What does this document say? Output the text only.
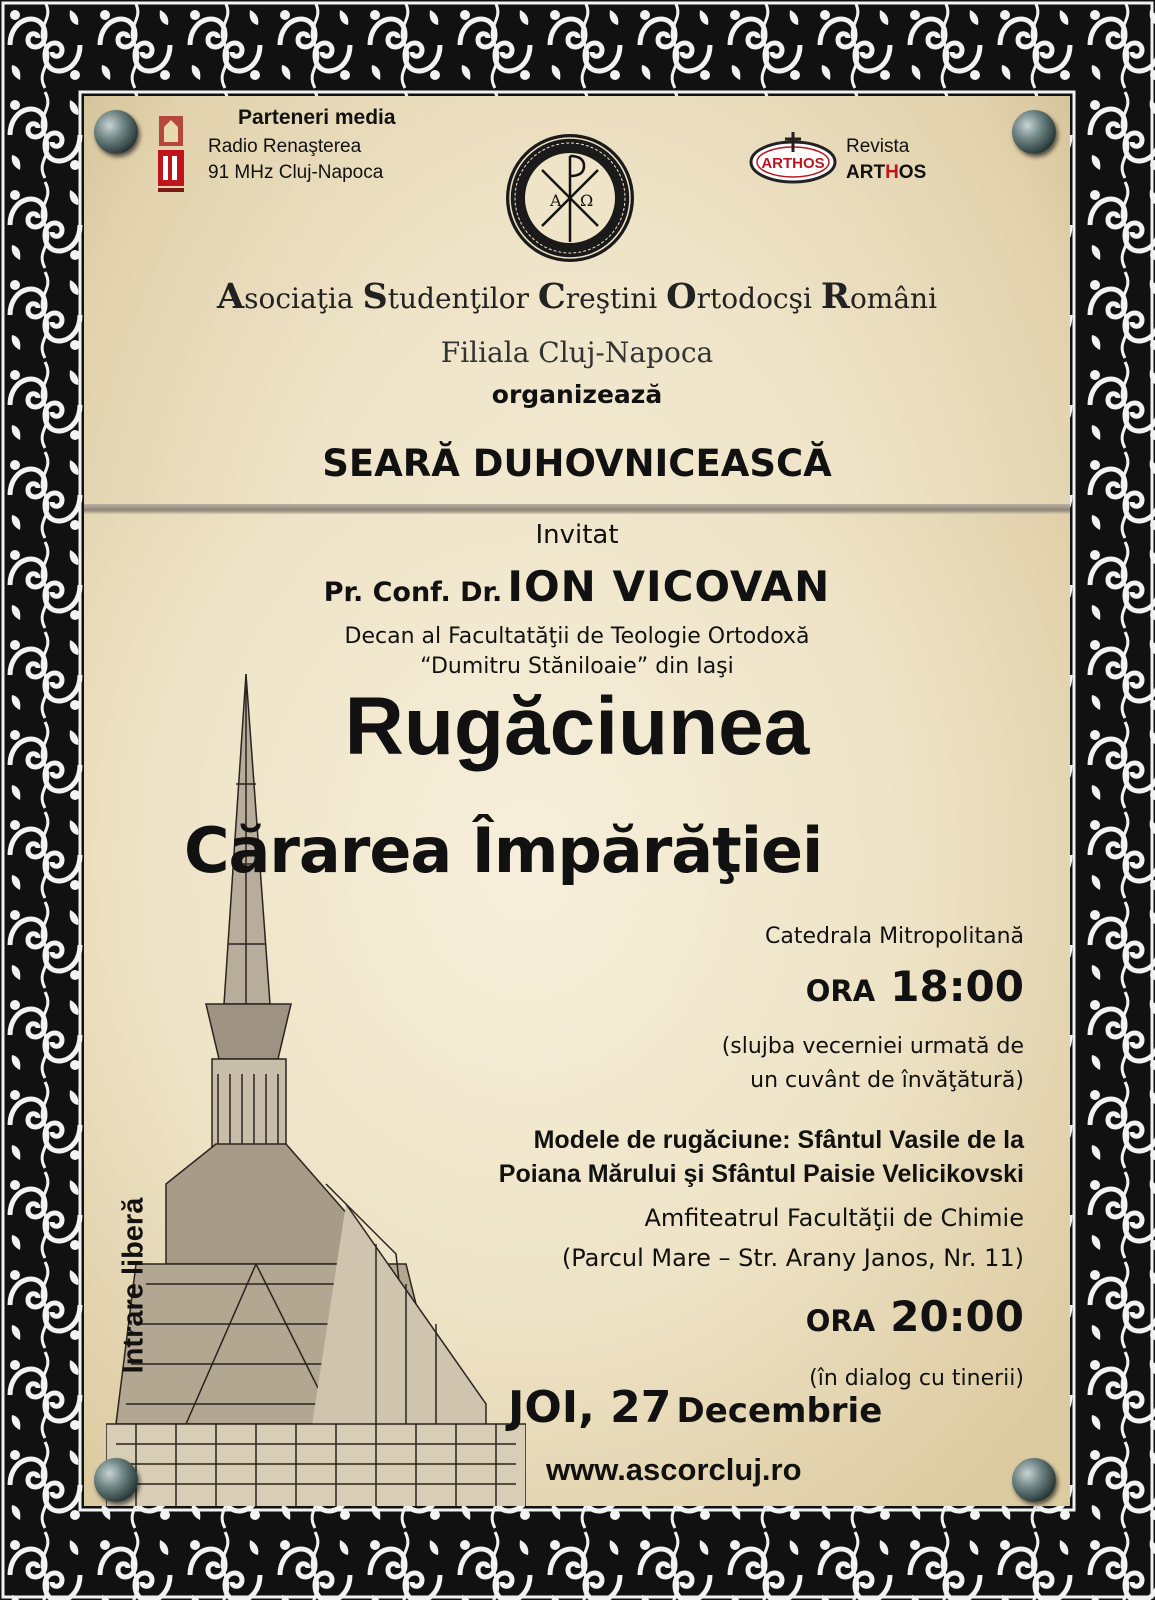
Parteneri media
Radio Renaşterea
91 MHz Cluj-Napoca
A Ω
ARTHOS
Revista
ARTHOS
Asociaţia Studenţilor Creştini Ortodocşi Români
Filiala Cluj-Napoca
organizează
SEARĂ DUHOVNICEASCĂ
Invitat
Pr. Conf. Dr. ION VICOVAN
Decan al Facultatăţii de Teologie Ortodoxă
“Dumitru Stăniloaie” din Iaşi
Rugăciunea
Cărarea Împărăţiei
Catedrala Mitropolitană
ORA 18:00
(slujba vecerniei urmată de
un cuvânt de învăţătură)
Modele de rugăciune: Sfântul Vasile de la
Poiana Mărului şi Sfântul Paisie Velicikovski
Amfiteatrul Facultăţii de Chimie
(Parcul Mare – Str. Arany Janos, Nr. 11)
ORA 20:00
(în dialog cu tinerii)
JOI, 27 Decembrie
www.ascorcluj.ro
Intrare liberă
